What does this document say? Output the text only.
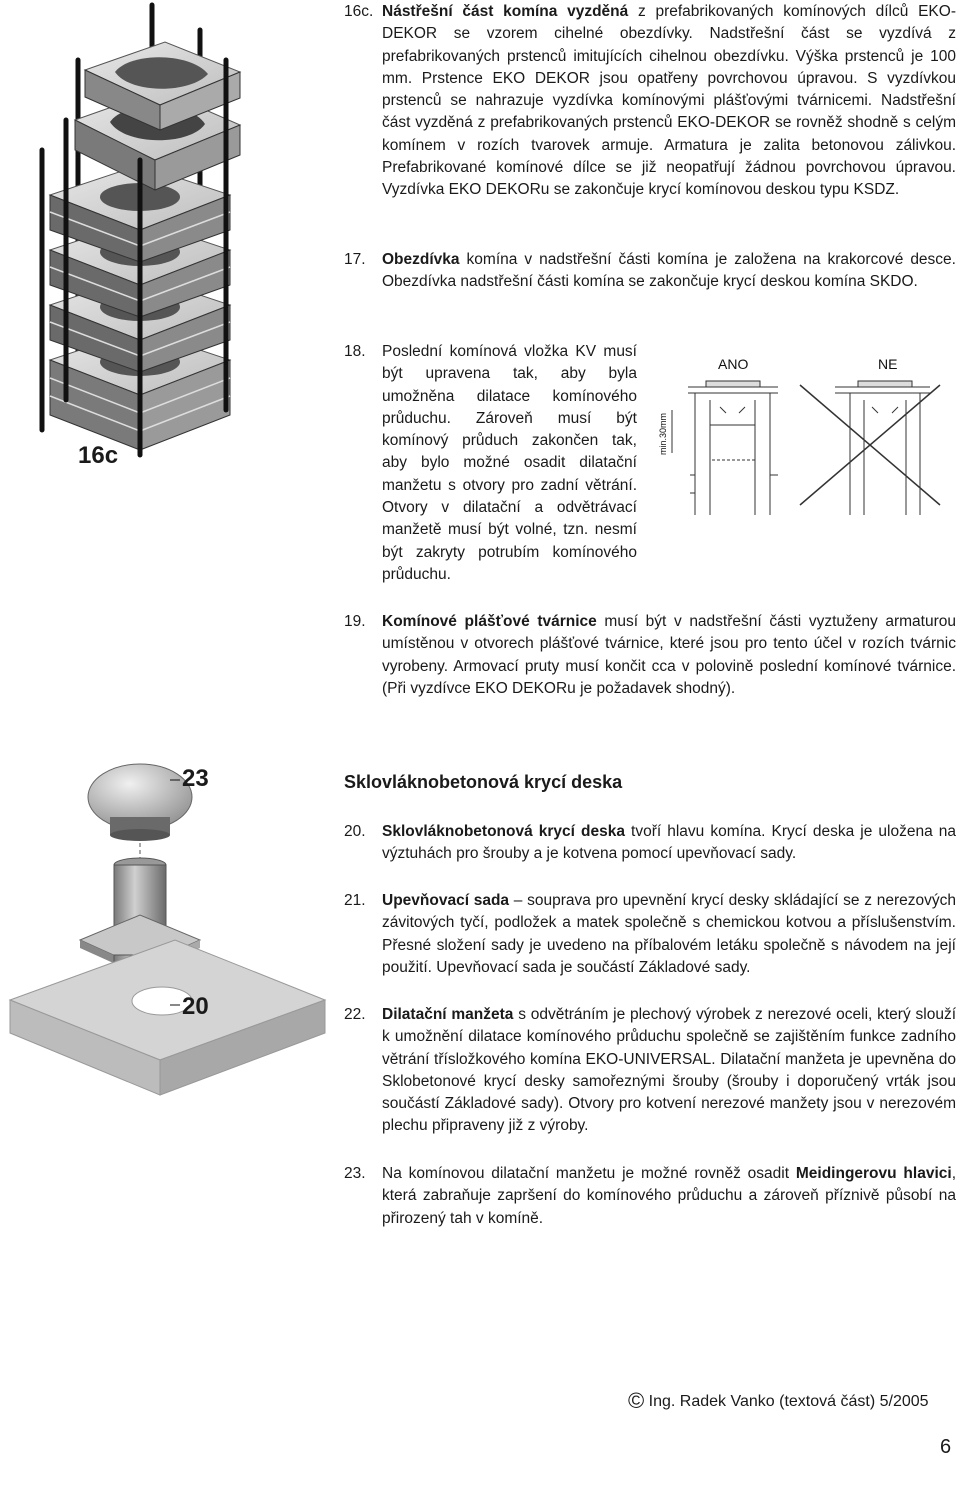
16c
16c. Nástřešní část komína vyzděná z prefabrikovaných komínových dílců EKO-DEKOR se vzorem cihelné obezdívky. Nadstřešní část se vyzdívá z prefabrikovaných prstenců imitujících cihelnou obezdívku. Výška prstenců je 100 mm. Prstence EKO DEKOR jsou opatřeny povrchovou úpravou. S vyzdívkou prstenců se nahrazuje vyzdívka komínovými plášťovými tvárnicemi. Nadstřešní část vyzděná z prefabrikovaných prstenců EKO-DEKOR se rovněž shodně s celým komínem v rozích tvarovek armuje. Armatura je zalita betonovou zálivkou. Prefabrikované komínové dílce se již neopatřují žádnou povrchovou úpravou. Vyzdívka EKO DEKORu se zakončuje krycí komínovou deskou typu KSDZ.
17. Obezdívka komína v nadstřešní části komína je založena na krakorcové desce. Obezdívka nadstřešní části komína se zakončuje krycí deskou komína SKDO.
18. Poslední komínová vložka KV musí být upravena tak, aby byla umožněna dilatace komínového průduchu. Zároveň musí být komínový průduch zakončen tak, aby bylo možné osadit dilatační manžetu s otvory pro zadní větrání. Otvory v dilatační a odvětrávací manžetě musí být volné, tzn. nesmí být zakryty potrubím komínového průduchu.
ANO	NE
min.30mm
19. Komínové plášťové tvárnice musí být v nadstřešní části vyztuženy armaturou umístěnou v otvorech plášťové tvárnice, které jsou pro tento účel v rozích tvárnic vyrobeny. Armovací pruty musí končit cca v polovině poslední komínové tvárnice. (Při vyzdívce EKO DEKORu je požadavek shodný).
23
20
Sklovláknobetonová krycí deska
20. Sklovláknobetonová krycí deska tvoří hlavu komína. Krycí deska je uložena na výztuhách pro šrouby a je kotvena pomocí upevňovací sady.
21. Upevňovací sada – souprava pro upevnění krycí desky skládající se z nerezových závitových tyčí, podložek a matek společně s chemickou kotvou a příslušenstvím. Přesné složení sady je uvedeno na příbalovém letáku společně s návodem na její použití. Upevňovací sada je součástí Základové sady.
22. Dilatační manžeta s odvětráním je plechový výrobek z nerezové oceli, který slouží k umožnění dilatace komínového průduchu společně se zajištěním funkce zadního větrání třísložkového komína EKO-UNIVERSAL. Dilatační manžeta je upevněna do Sklobetonové krycí desky samořeznými šrouby (šrouby i doporučený vrták jsou součástí Základové sady). Otvory pro kotvení nerezové manžety jsou v nerezovém plechu připraveny již z výroby.
23. Na komínovou dilatační manžetu je možné rovněž osadit Meidingerovu hlavici, která zabraňuje zapršení do komínového průduchu a zároveň příznivě působí na přirozený tah v komíně.
© Ing. Radek Vanko (textová část) 5/2005
6
